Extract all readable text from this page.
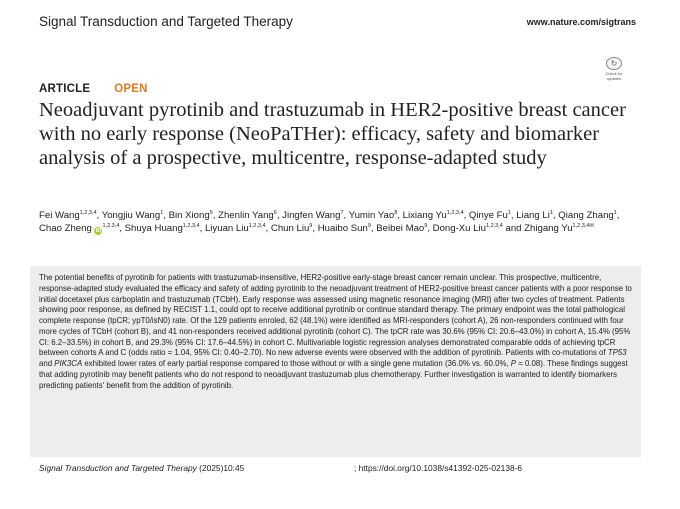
Signal Transduction and Targeted Therapy	www.nature.com/sigtrans
↻
Check for
updates
ARTICLE OPEN
Neoadjuvant pyrotinib and trastuzumab in HER2-positive breast cancer with no early response (NeoPaTHer): efficacy, safety and biomarker analysis of a prospective, multicentre, response-adapted study
Fei Wang$^{1,2,3,4}$, Yongjiu Wang$^1$, Bin Xiong$^5$, Zhenlin Yang$^6$, Jingfen Wang$^7$, Yumin Yao$^8$, Lixiang Yu$^{1,2,3,4}$, Qinye Fu$^1$, Liang Li$^1$, Qiang Zhang$^1$, Chao Zheng iD$^{1,2,3,4}$, Shuya Huang$^{1,2,3,4}$, Liyuan Liu$^{1,2,3,4}$, Chun Liu$^9$, Huaibo Sun$^9$, Beibei Mao$^9$, Dong-Xu Liu$^{1,2,3,4}$ and Zhigang $Yu^{1,2,3,4✉}$

The potential benefits of pyrotinib for patients with trastuzumab-insensitive, HER2-positive early-stage breast cancer remain unclear. This prospective, multicentre, response-adapted study evaluated the efficacy and safety of adding pyrotinib to the neoadjuvant treatment of HER2-positive breast cancer patients with a poor response to initial docetaxel plus carboplatin and trastuzumab (TCbH). Early response was assessed using magnetic resonance imaging (MRI) after two cycles of treatment. Patients showing poor response, as defined by RECIST 1.1, could opt to receive additional pyrotinib or continue standard therapy. The primary endpoint was the total pathological complete response (tpCR; ypT0/isN0) rate. Of the 129 patients enroled, 62 (48.1%) were identified as MRI-responders (cohort A), 26 non-responders continued with four more cycles of TCbH (cohort B), and 41 non-responders received additional pyrotinib (cohort C). The tpCR rate was 30.6% (95% CI: 20.6–43.0%) in cohort A, 15.4% (95% CI: 6.2–33.5%) in cohort B, and 29.3% (95% CI: 17.6–44.5%) in cohort C. Multivariable logistic regression analyses demonstrated comparable odds of achieving tpCR between cohorts A and C (odds ratio = 1.04, 95% CI: 0.40–2.70). No new adverse events were observed with the addition of pyrotinib. Patients with co-mutations of TP53 and PIK3CA exhibited lower rates of early partial response compared to those without or with a single gene mutation (36.0% vs. 60.0%, P = 0.08). These findings suggest that adding pyrotinib may benefit patients who do not respond to neoadjuvant trastuzumab plus chemotherapy. Further investigation is warranted to identify biomarkers predicting patients' benefit from the addition of pyrotinib.

Signal Transduction and Targeted Therapy (2025)10:45	; https://doi.org/10.1038/s41392-025-02138-6
